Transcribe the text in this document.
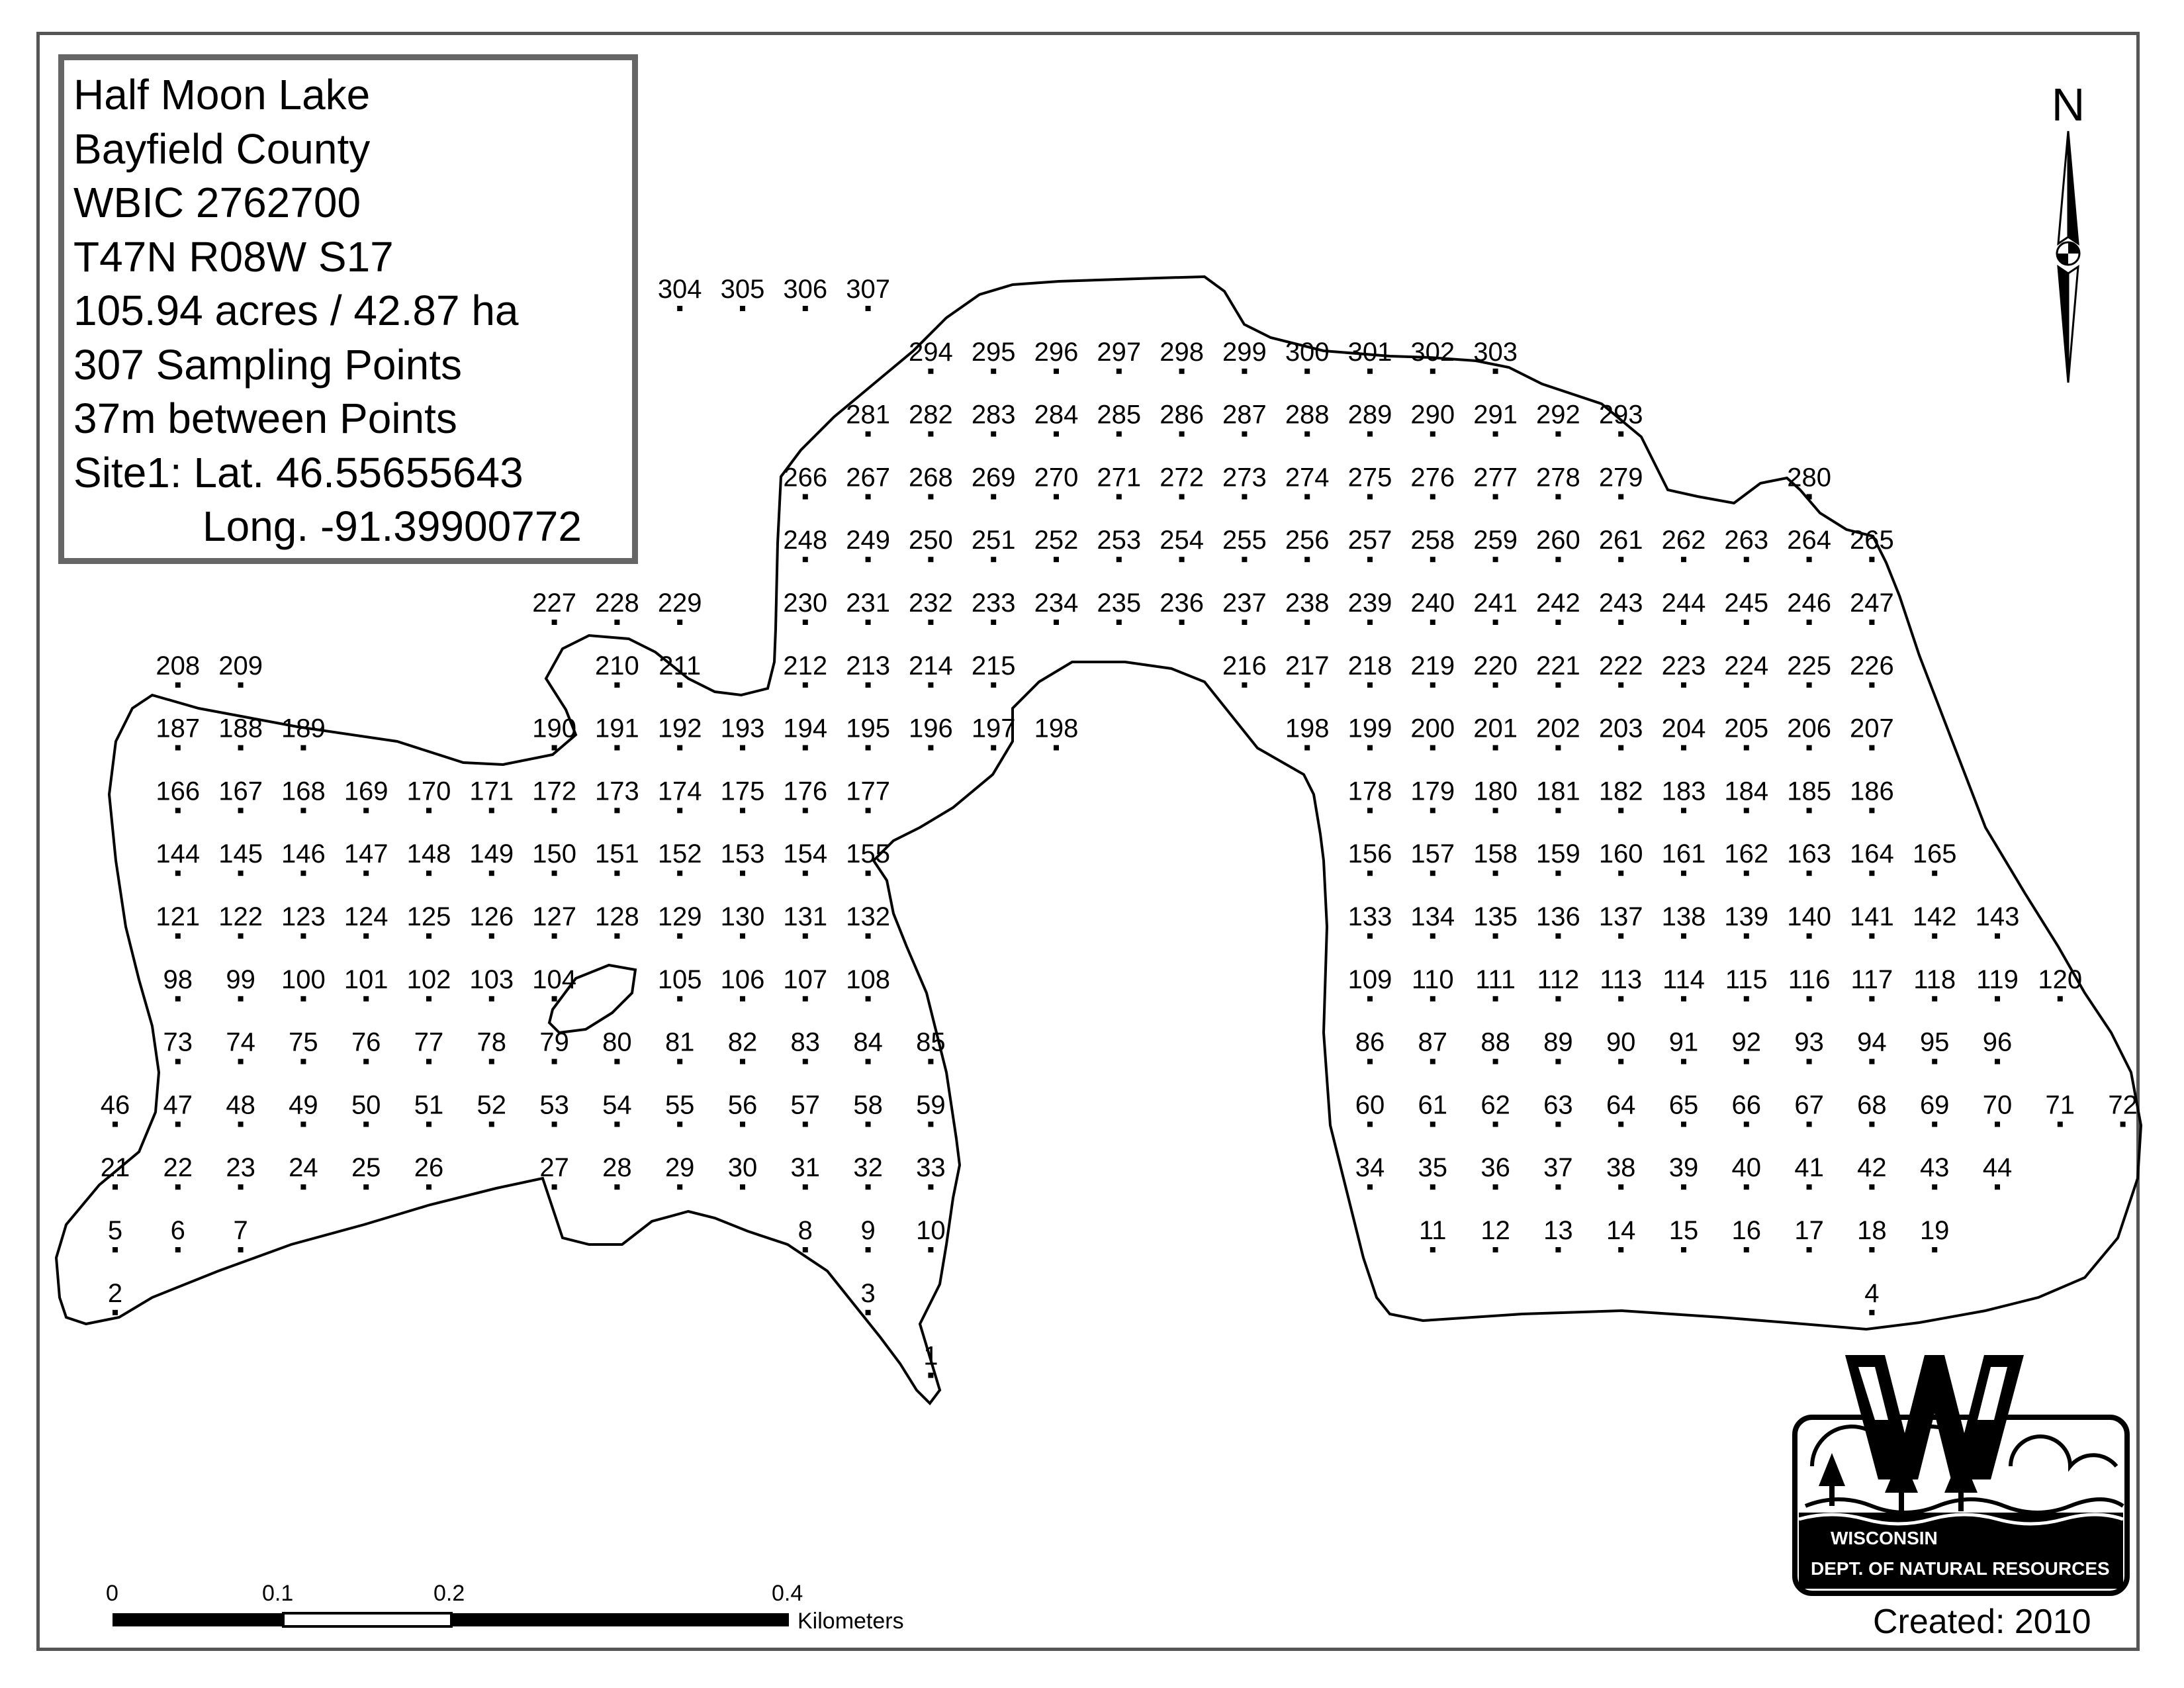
304 305 306 307
294 295 296 297 298 299 300 301 302 303
281 282 283 284 285 286 287 288 289 290 291 292 293
266 267 268 269 270 271 272 273 274 275 276 277 278 279	280
248 249 250 251 252 253 254 255 256 257 258 259 260 261 262 263 264 265
227 228 229	230 231 232 233 234 235 236 237 238 239 240 241 242 243 244 245 246 247
208 209	210 211	212 213 214 215	216 217 218 219 220 221 222 223 224 225 226
187 188 189	190 191 192 193 194 195 196 197 198	198 199 200 201 202 203 204 205 206 207
166 167 168 169 170 171 172 173 174 175 176 177	178 179 180 181 182 183 184 185 186
144 145 146 147 148 149 150 151 152 153 154 155	156 157 158 159 160 161 162 163 164 165
121 122 123 124 125 126 127 128 129 130 131 132	133 134 135 136 137 138 139 140 141 142 143
98 99 100 101 102 103 104	105 106 107 108	109 110 111 112 113 114 115 116 117 118 119 120
73 74 75 76 77 78 79 80 81 82 83 84 85	86 87 88 89 90 91 92 93 94 95 96
46 47 48 49 50 51 52 53 54 55 56 57 58 59	60 61 62 63 64 65 66 67 68 69 70 71 72
21 22 23 24 25 26	27 28 29 30 31 32 33	34 35 36 37 38 39 40 41 42 43 44
5 6 7	8 9 10	11 12 13 14 15 16 17 18 19
2	3	4
1
0	0.1	0.2	0.4
Kilometers
Half Moon Lake
Bayfield County
WBIC 2762700
T47N R08W S17
105.94 acres / 42.87 ha
307 Sampling Points
37m between Points
Site1: Lat. 46.55655643
Long. -91.39900772
N
WISCONSIN
DEPT. OF NATURAL RESOURCES
Created: 2010
